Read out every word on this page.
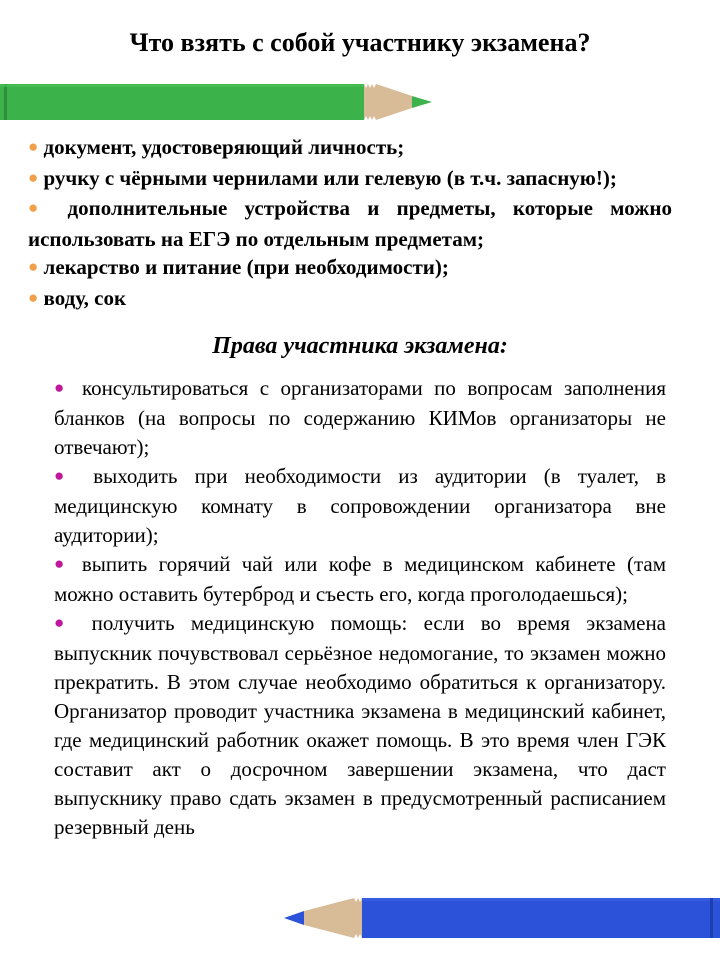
Что взять с собой участнику экзамена?
● документ, удостоверяющий личность;
● ручку с чёрными чернилами или гелевую (в т.ч. запасную!);
● дополнительные устройства и предметы, которые можно использовать на ЕГЭ по отдельным предметам;
● лекарство и питание (при необходимости);
● воду, сок
Права участника экзамена:
● консультироваться с организаторами по вопросам заполнения бланков (на вопросы по содержанию КИМов организаторы не отвечают);
● выходить при необходимости из аудитории (в туалет, в медицинскую комнату в сопровождении организатора вне аудитории);
● выпить горячий чай или кофе в медицинском кабинете (там можно оставить бутерброд и съесть его, когда проголодаешься);
● получить медицинскую помощь: если во время экзамена выпускник почувствовал серьёзное недомогание, то экзамен можно прекратить. В этом случае необходимо обратиться к организатору. Организатор проводит участника экзамена в медицинский кабинет, где медицинский работник окажет помощь. В это время член ГЭК составит акт о досрочном завершении экзамена, что даст выпускнику право сдать экзамен в предусмотренный расписанием резервный день
